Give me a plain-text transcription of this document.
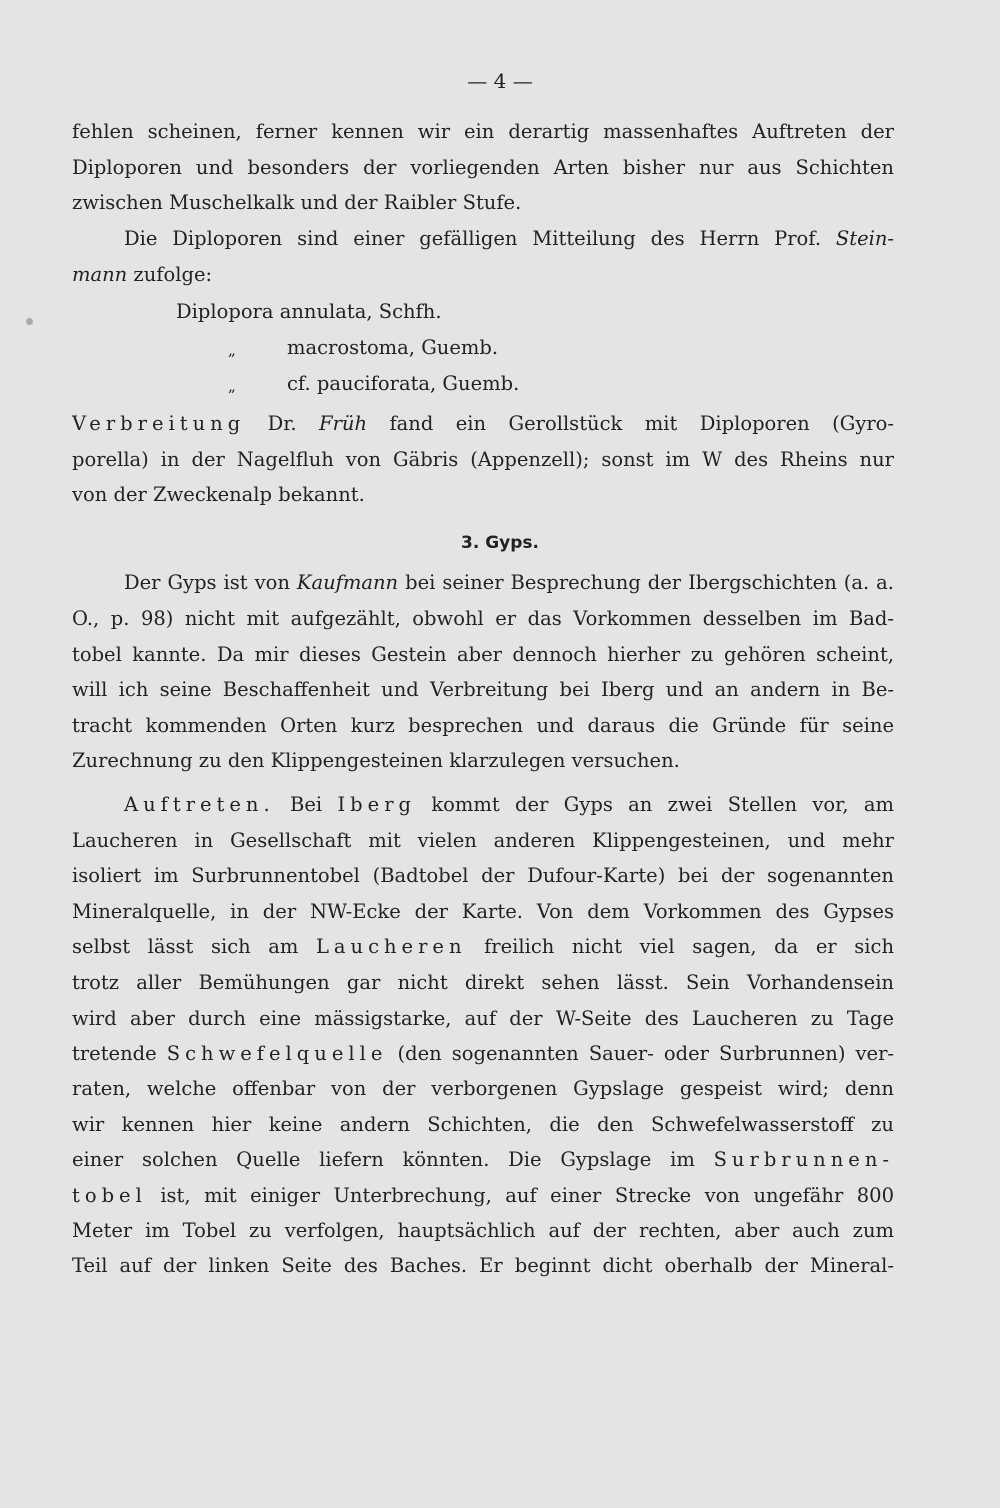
— 4 —
fehlen scheinen, ferner kennen wir ein derartig massenhaftes Auftreten der
Diploporen und besonders der vorliegenden Arten bisher nur aus Schichten
zwischen Muschelkalk und der Raibler Stufe.
Die Diploporen sind einer gefälligen Mitteilung des Herrn Prof. Stein-
mann zufolge:
Diplopora annulata, Schfh.
„	macrostoma, Guemb.
„	cf. pauciforata, Guemb.
Verbreitung Dr. Früh fand ein Gerollstück mit Diploporen (Gyro-
porella) in der Nagelfluh von Gäbris (Appenzell); sonst im W des Rheins nur
von der Zweckenalp bekannt.
3. Gyps.
Der Gyps ist von Kaufmann bei seiner Besprechung der Ibergschichten (a. a.
O., p. 98) nicht mit aufgezählt, obwohl er das Vorkommen desselben im Bad-
tobel kannte. Da mir dieses Gestein aber dennoch hierher zu gehören scheint,
will ich seine Beschaffenheit und Verbreitung bei Iberg und an andern in Be-
tracht kommenden Orten kurz besprechen und daraus die Gründe für seine
Zurechnung zu den Klippengesteinen klarzulegen versuchen.
Auftreten. Bei Iberg kommt der Gyps an zwei Stellen vor, am
Laucheren in Gesellschaft mit vielen anderen Klippengesteinen, und mehr
isoliert im Surbrunnentobel (Badtobel der Dufour-Karte) bei der sogenannten
Mineralquelle, in der NW-Ecke der Karte. Von dem Vorkommen des Gypses
selbst lässt sich am Laucheren freilich nicht viel sagen, da er sich
trotz aller Bemühungen gar nicht direkt sehen lässt. Sein Vorhandensein
wird aber durch eine mässigstarke, auf der W-Seite des Laucheren zu Tage
tretende Schwefelquelle (den sogenannten Sauer- oder Surbrunnen) ver-
raten, welche offenbar von der verborgenen Gypslage gespeist wird; denn
wir kennen hier keine andern Schichten, die den Schwefelwasserstoff zu
einer solchen Quelle liefern könnten. Die Gypslage im Surbrunnen-
tobel ist, mit einiger Unterbrechung, auf einer Strecke von ungefähr 800
Meter im Tobel zu verfolgen, hauptsächlich auf der rechten, aber auch zum
Teil auf der linken Seite des Baches. Er beginnt dicht oberhalb der Mineral-
